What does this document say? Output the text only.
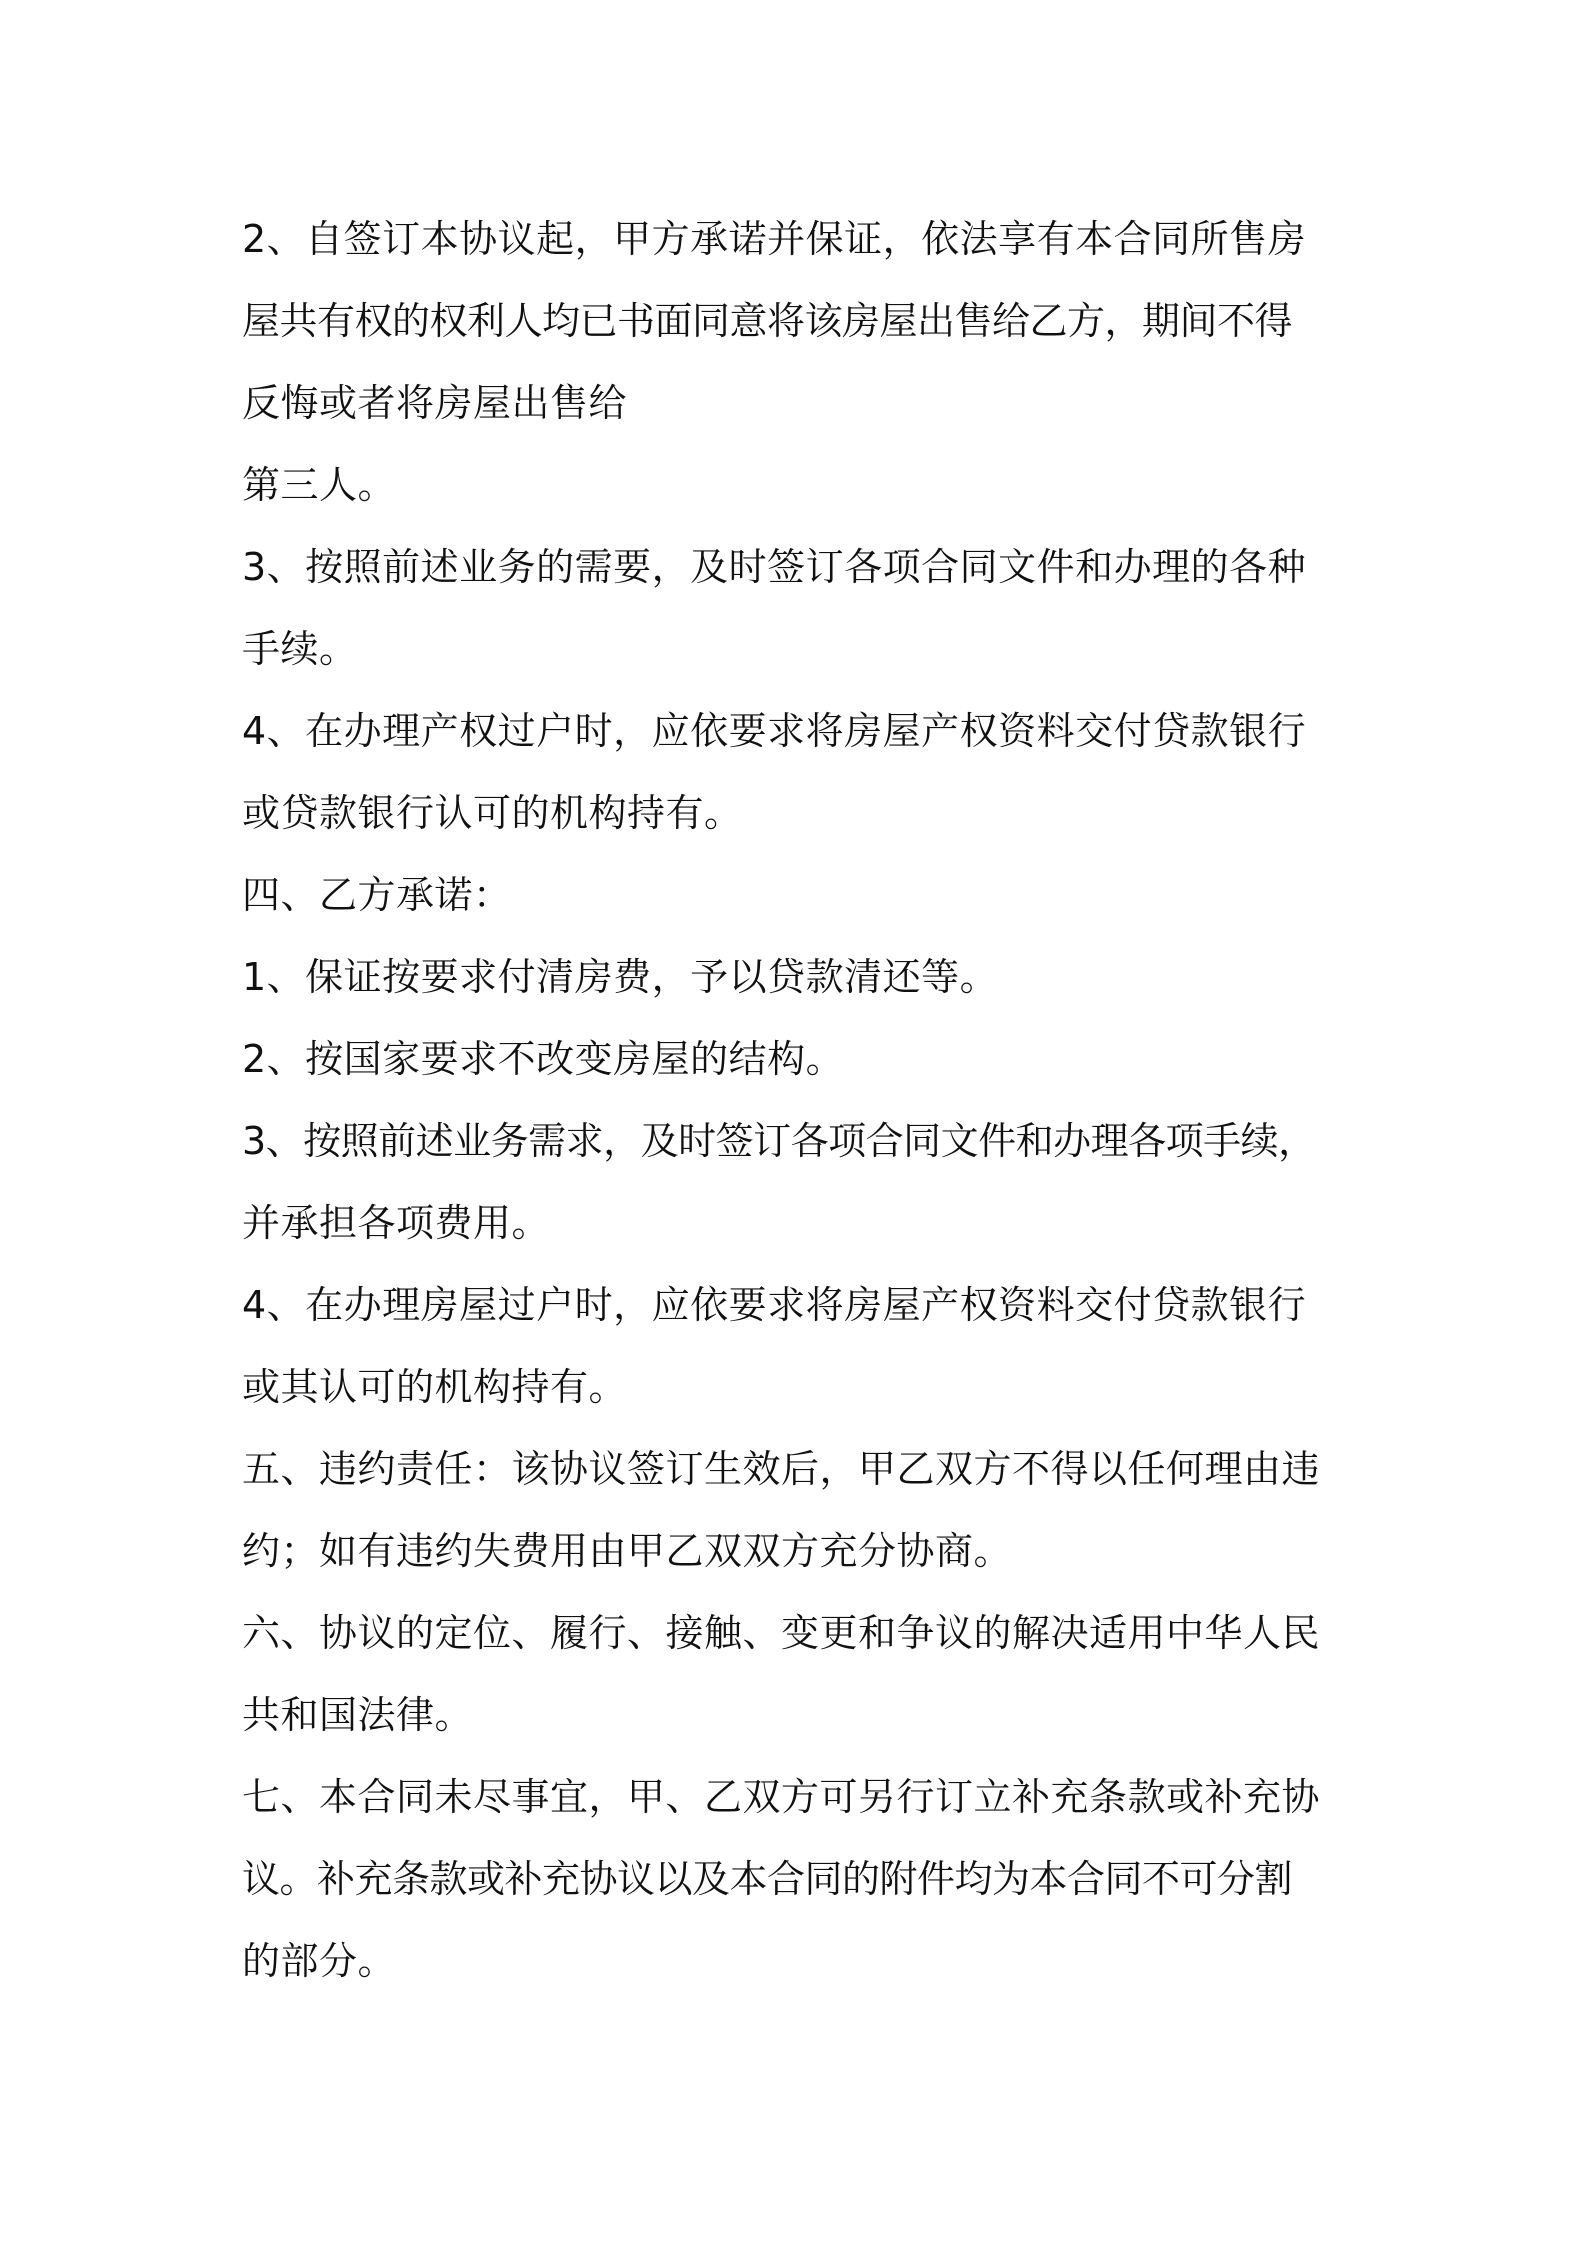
2、自签订本协议起，甲方承诺并保证，依法享有本合同所售房
屋共有权的权利人均已书面同意将该房屋出售给乙方，期间不得
反悔或者将房屋出售给
第三人。
3、按照前述业务的需要，及时签订各项合同文件和办理的各种
手续。
4、在办理产权过户时，应依要求将房屋产权资料交付贷款银行
或贷款银行认可的机构持有。
四、乙方承诺：
1、保证按要求付清房费，予以贷款清还等。
2、按国家要求不改变房屋的结构。
3、按照前述业务需求，及时签订各项合同文件和办理各项手续，
并承担各项费用。
4、在办理房屋过户时，应依要求将房屋产权资料交付贷款银行
或其认可的机构持有。
五、违约责任：该协议签订生效后，甲乙双方不得以任何理由违
约；如有违约失费用由甲乙双双方充分协商。
六、协议的定位、履行、接触、变更和争议的解决适用中华人民
共和国法律。
七、本合同未尽事宜，甲、乙双方可另行订立补充条款或补充协
议。补充条款或补充协议以及本合同的附件均为本合同不可分割
的部分。
